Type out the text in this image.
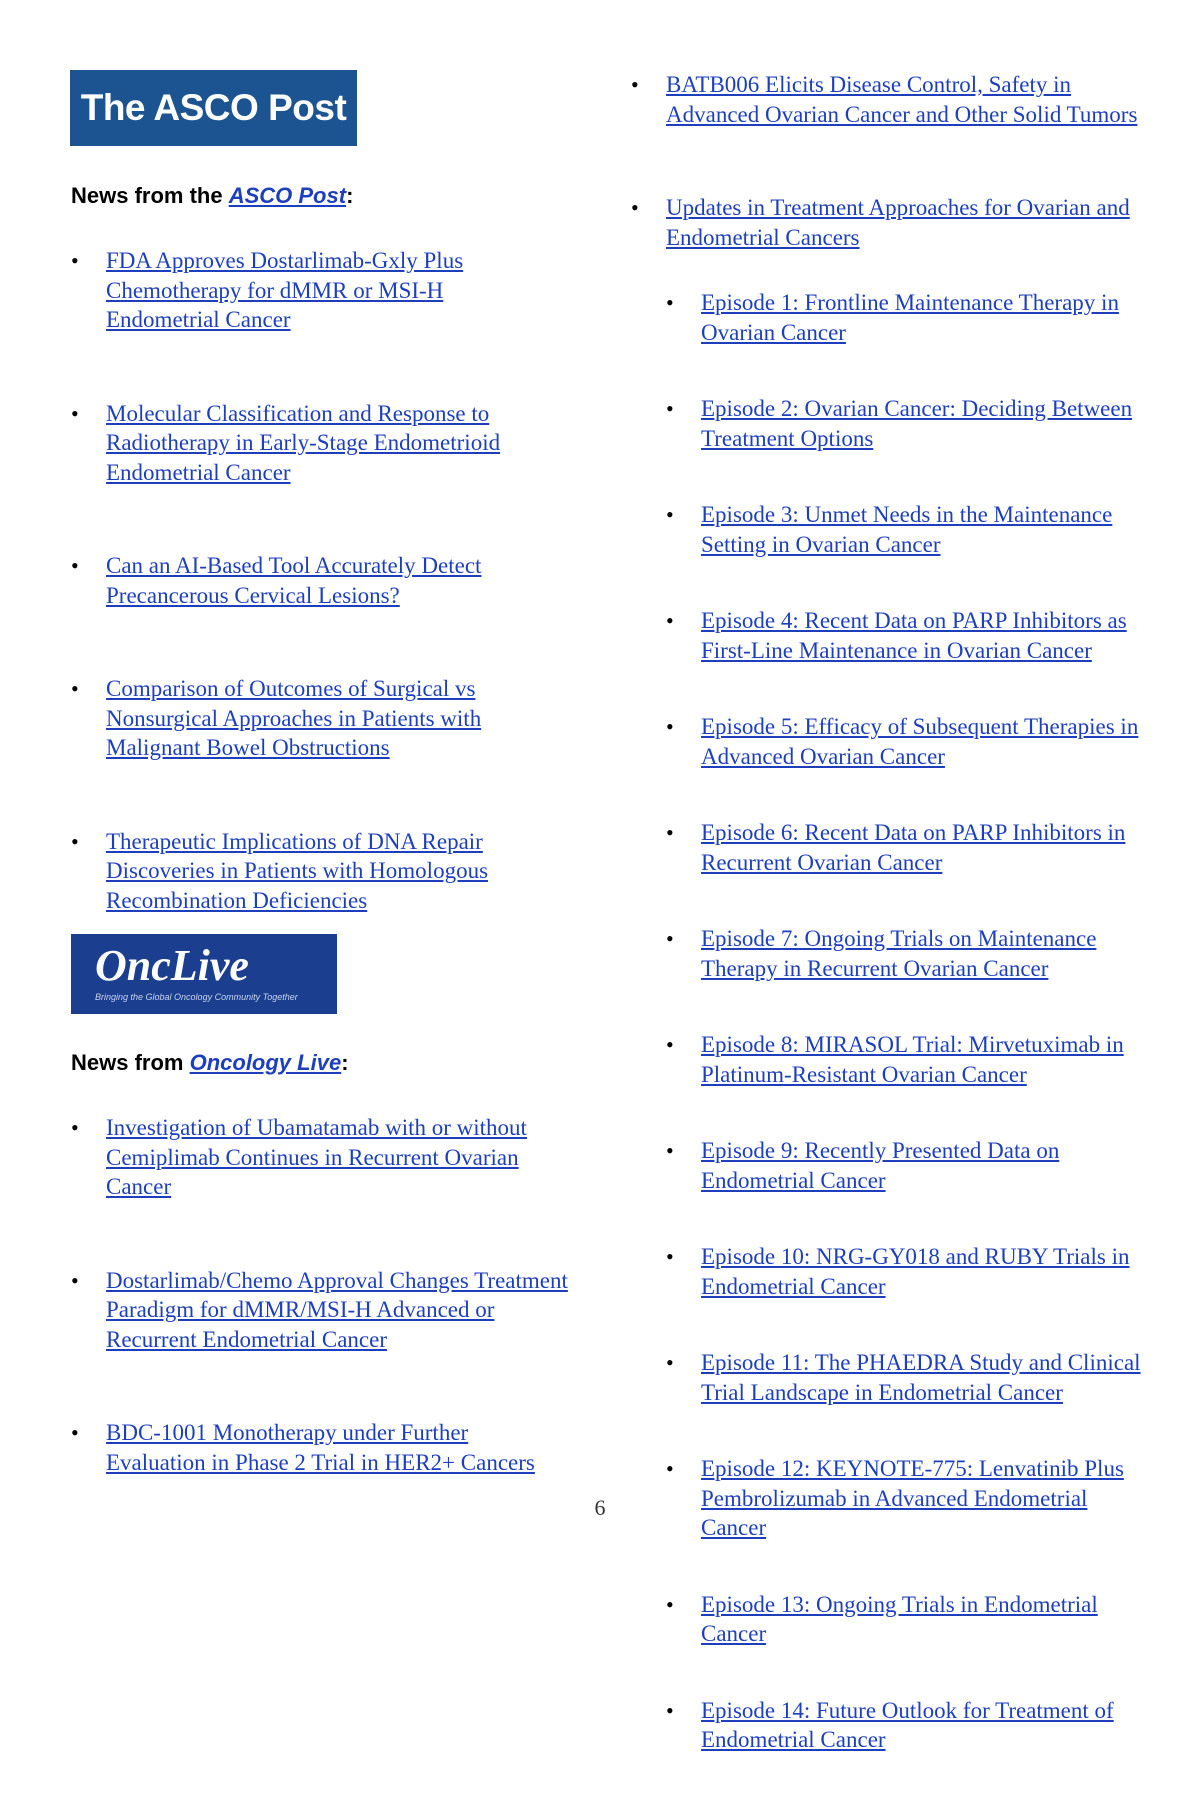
The ASCO Post

News from the ASCO Post:

• FDA Approves Dostarlimab-Gxly Plus Chemotherapy for dMMR or MSI-H Endometrial Cancer
• Molecular Classification and Response to Radiotherapy in Early-Stage Endometrioid Endometrial Cancer
• Can an AI-Based Tool Accurately Detect Precancerous Cervical Lesions?
• Comparison of Outcomes of Surgical vs Nonsurgical Approaches in Patients with Malignant Bowel Obstructions
• Therapeutic Implications of DNA Repair Discoveries in Patients with Homologous Recombination Deficiencies
OncLive
Bringing the Global Oncology Community Together

News from Oncology Live:

• Investigation of Ubamatamab with or without Cemiplimab Continues in Recurrent Ovarian Cancer
• Dostarlimab/Chemo Approval Changes Treatment Paradigm for dMMR/MSI-H Advanced or Recurrent Endometrial Cancer
• BDC-1001 Monotherapy under Further Evaluation in Phase 2 Trial in HER2+ Cancers
• BATB006 Elicits Disease Control, Safety in Advanced Ovarian Cancer and Other Solid Tumors
• Updates in Treatment Approaches for Ovarian and Endometrial Cancers
• Episode 1: Frontline Maintenance Therapy in Ovarian Cancer
• Episode 2: Ovarian Cancer: Deciding Between Treatment Options
• Episode 3: Unmet Needs in the Maintenance Setting in Ovarian Cancer
• Episode 4: Recent Data on PARP Inhibitors as First-Line Maintenance in Ovarian Cancer
• Episode 5: Efficacy of Subsequent Therapies in Advanced Ovarian Cancer
• Episode 6: Recent Data on PARP Inhibitors in Recurrent Ovarian Cancer
• Episode 7: Ongoing Trials on Maintenance Therapy in Recurrent Ovarian Cancer
• Episode 8: MIRASOL Trial: Mirvetuximab in Platinum-Resistant Ovarian Cancer
• Episode 9: Recently Presented Data on Endometrial Cancer
• Episode 10: NRG-GY018 and RUBY Trials in Endometrial Cancer
• Episode 11: The PHAEDRA Study and Clinical Trial Landscape in Endometrial Cancer
• Episode 12: KEYNOTE-775: Lenvatinib Plus Pembrolizumab in Advanced Endometrial Cancer
• Episode 13: Ongoing Trials in Endometrial Cancer
• Episode 14: Future Outlook for Treatment of Endometrial Cancer
6
